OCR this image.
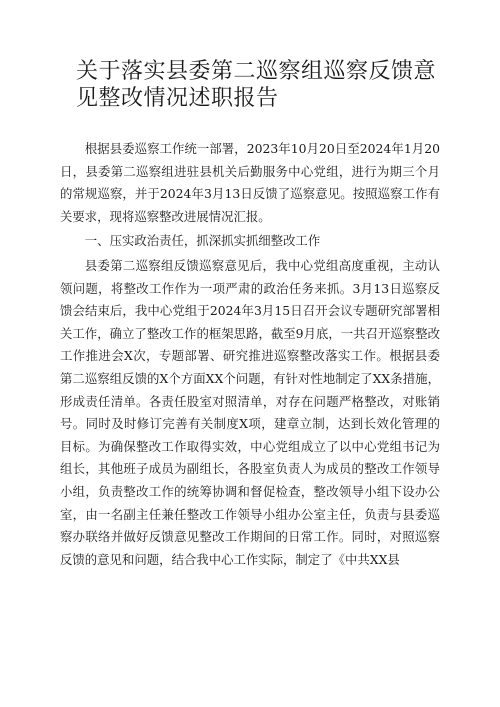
关于落实县委第二巡察组巡察反馈意见整改情况述职报告

根据县委巡察工作统一部署，2023年10月20日至2024年1月20日，县委第二巡察组进驻县机关后勤服务中心党组，进行为期三个月的常规巡察，并于2024年3月13日反馈了巡察意见。按照巡察工作有关要求，现将巡察整改进展情况汇报。

一、压实政治责任，抓深抓实抓细整改工作

县委第二巡察组反馈巡察意见后，我中心党组高度重视，主动认领问题，将整改工作作为一项严肃的政治任务来抓。3月13日巡察反馈会结束后，我中心党组于2024年3月15日召开会议专题研究部署相关工作，确立了整改工作的框架思路，截至9月底，一共召开巡察整改工作推进会X次，专题部署、研究推进巡察整改落实工作。根据县委第二巡察组反馈的X个方面XX个问题，有针对性地制定了XX条措施，形成责任清单。各责任股室对照清单，对存在问题严格整改，对账销号。同时及时修订完善有关制度X项，建章立制，达到长效化管理的目标。为确保整改工作取得实效，中心党组成立了以中心党组书记为组长，其他班子成员为副组长，各股室负责人为成员的整改工作领导小组，负责整改工作的统筹协调和督促检查，整改领导小组下设办公室，由一名副主任兼任整改工作领导小组办公室主任，负责与县委巡察办联络并做好反馈意见整改工作期间的日常工作。同时，对照巡察反馈的意见和问题，结合我中心工作实际，制定了《中共XX县
